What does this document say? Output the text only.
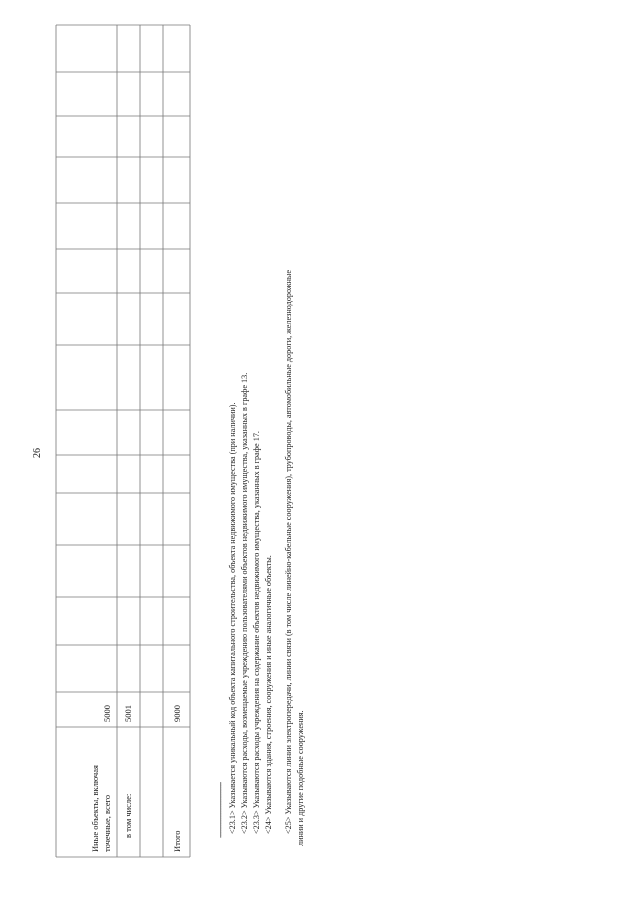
26
Иные объекты, включая точечные, всего
5000
в том числе:
5001
Итого
9000
-------------------------------- <23.1> Указывается уникальный код объекта капитального строительства, объекта недвижимого имущества (при наличии). <23.2> Указываются расходы, возмещаемые учреждению пользователями объектов недвижимого имущества, указанных в графе 13. <23.3> Указываются расходы учреждения на содержание объектов недвижимого имущества, указанных в графе 17. <24> Указываются здания, строения, сооружения и иные аналогичные объекты. <25> Указываются линии электропередачи, линии связи (в том числе линейно-кабельные сооружения), трубопроводы, автомобильные дороги, железнодорожные линии и другие подобные сооружения.
